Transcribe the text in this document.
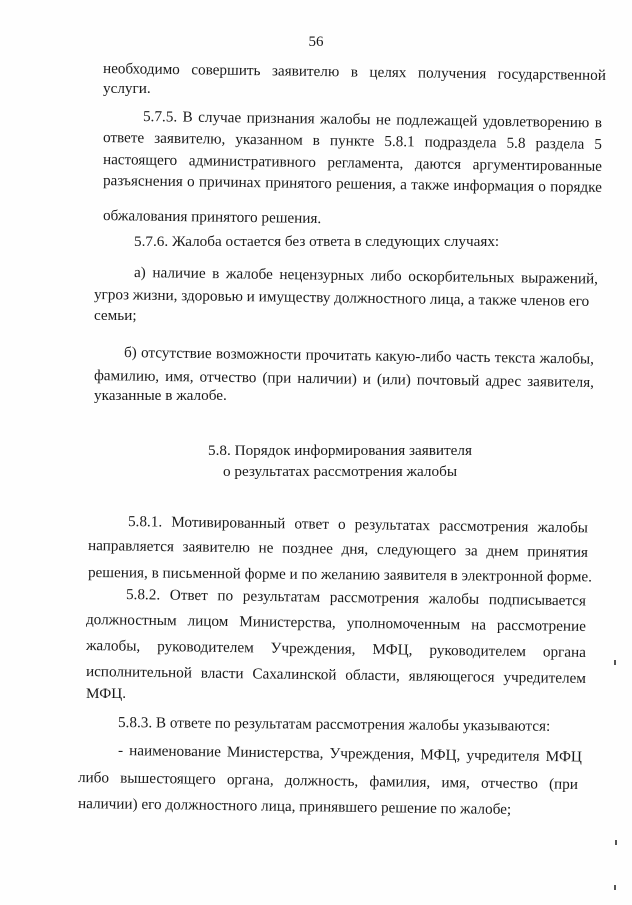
56
необходимо совершить заявителю в целях получения государственной
услуги.
5.7.5. В случае признания жалобы не подлежащей удовлетворению в
ответе заявителю, указанном в пункте 5.8.1 подраздела 5.8 раздела 5
настоящего административного регламента, даются аргументированные
разъяснения о причинах принятого решения, а также информация о порядке
обжалования принятого решения.
5.7.6. Жалоба остается без ответа в следующих случаях:
а) наличие в жалобе нецензурных либо оскорбительных выражений,
угроз жизни, здоровью и имуществу должностного лица, а также членов его
семьи;
б) отсутствие возможности прочитать какую-либо часть текста жалобы,
фамилию, имя, отчество (при наличии) и (или) почтовый адрес заявителя,
указанные в жалобе.
5.8. Порядок информирования заявителя
о результатах рассмотрения жалобы
5.8.1. Мотивированный ответ о результатах рассмотрения жалобы
направляется заявителю не позднее дня, следующего за днем принятия
решения, в письменной форме и по желанию заявителя в электронной форме.
5.8.2. Ответ по результатам рассмотрения жалобы подписывается
должностным лицом Министерства, уполномоченным на рассмотрение
жалобы, руководителем Учреждения, МФЦ, руководителем органа
исполнительной власти Сахалинской области, являющегося учредителем
МФЦ.
5.8.3. В ответе по результатам рассмотрения жалобы указываются:
- наименование Министерства, Учреждения, МФЦ, учредителя МФЦ
либо вышестоящего органа, должность, фамилия, имя, отчество (при
наличии) его должностного лица, принявшего решение по жалобе;
